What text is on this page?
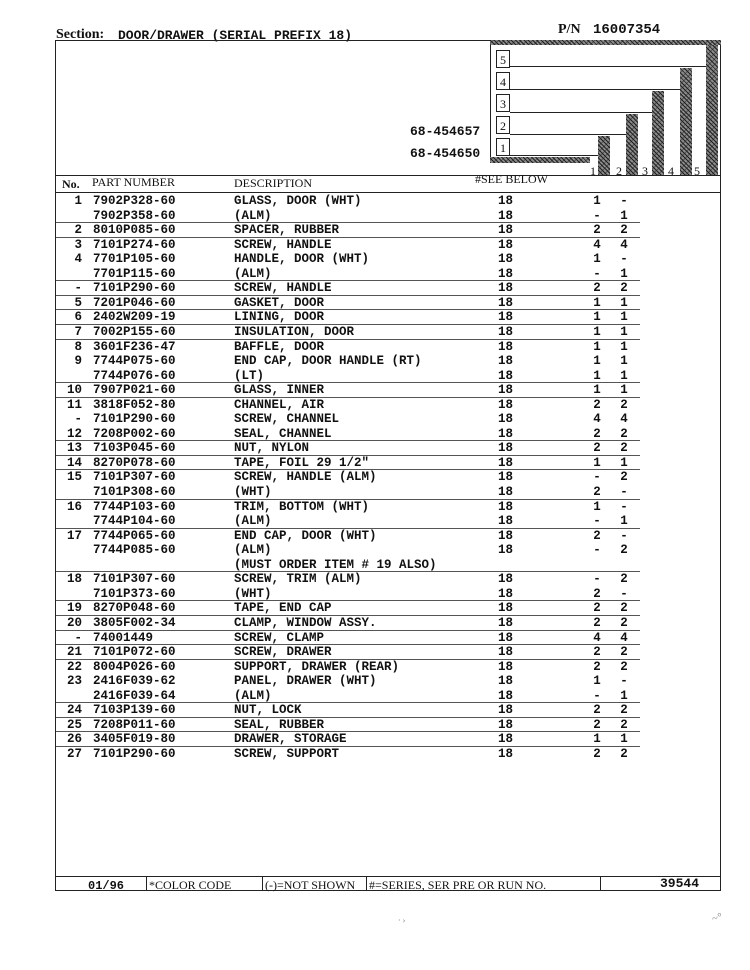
Section: DOOR/DRAWER (SERIAL PREFIX 18)	P/N 16007354
5
4
3
2
1
68-454657
68-454650
1 2 3 4 5
No. PART NUMBER	DESCRIPTION	#SEE BELOW
1 7902P328-60	GLASS, DOOR (WHT)	18	1 -
7902P358-60	(ALM)	18	- 1
2 8010P085-60	SPACER, RUBBER	18	2 2
3 7101P274-60	SCREW, HANDLE	18	4 4
4 7701P105-60	HANDLE, DOOR (WHT)	18	1 -
7701P115-60	(ALM)	18	- 1
- 7101P290-60	SCREW, HANDLE	18	2 2
5 7201P046-60	GASKET, DOOR	18	1 1
6 2402W209-19	LINING, DOOR	18	1 1
7 7002P155-60	INSULATION, DOOR	18	1 1
8 3601F236-47	BAFFLE, DOOR	18	1 1
9 7744P075-60	END CAP, DOOR HANDLE (RT)	18	1 1
7744P076-60	(LT)	18	1 1
10 7907P021-60	GLASS, INNER	18	1 1
11 3818F052-80	CHANNEL, AIR	18	2 2
- 7101P290-60	SCREW, CHANNEL	18	4 4
12 7208P002-60	SEAL, CHANNEL	18	2 2
13 7103P045-60	NUT, NYLON	18	2 2
14 8270P078-60	TAPE, FOIL 29 1/2"	18	1 1
15 7101P307-60	SCREW, HANDLE (ALM)	18	- 2
7101P308-60	(WHT)	18	2 -
16 7744P103-60	TRIM, BOTTOM (WHT)	18	1 -
7744P104-60	(ALM)	18	- 1
17 7744P065-60	END CAP, DOOR (WHT)	18	2 -
7744P085-60	(ALM)	18	- 2
(MUST ORDER ITEM # 19 ALSO)
18 7101P307-60	SCREW, TRIM (ALM)	18	- 2
7101P373-60	(WHT)	18	2 -
19 8270P048-60	TAPE, END CAP	18	2 2
20 3805F002-34	CLAMP, WINDOW ASSY.	18	2 2
- 74001449	SCREW, CLAMP	18	4 4
21 7101P072-60	SCREW, DRAWER	18	2 2
22 8004P026-60	SUPPORT, DRAWER (REAR)	18	2 2
23 2416F039-62	PANEL, DRAWER (WHT)	18	1 -
2416F039-64	(ALM)	18	- 1
24 7103P139-60	NUT, LOCK	18	2 2
25 7208P011-60	SEAL, RUBBER	18	2 2
26 3405F019-80	DRAWER, STORAGE	18	1 1
27 7101P290-60	SCREW, SUPPORT	18	2 2
01/96 *COLOR CODE	(-)=NOT SHOWN #=SERIES, SER PRE OR RUN NO.	39544
· ›	~°
